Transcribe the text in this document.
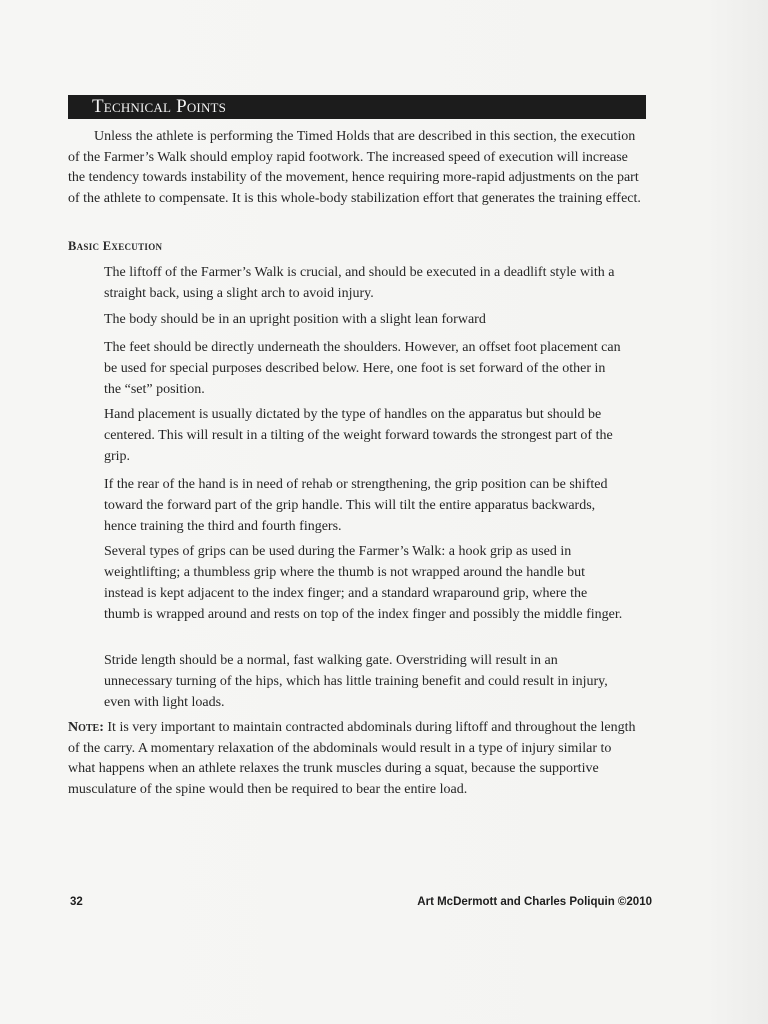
Technical Points

Unless the athlete is performing the Timed Holds that are described in this section, the execution of the Farmer’s Walk should employ rapid footwork. The increased speed of execution will increase the tendency towards instability of the movement, hence requiring more-rapid adjustments on the part of the athlete to compensate. It is this whole-body stabilization effort that generates the training effect.

Basic Execution

The liftoff of the Farmer’s Walk is crucial, and should be executed in a deadlift style with a straight back, using a slight arch to avoid injury.

The body should be in an upright position with a slight lean forward

The feet should be directly underneath the shoulders. However, an offset foot placement can be used for special purposes described below. Here, one foot is set forward of the other in the “set” position.

Hand placement is usually dictated by the type of handles on the apparatus but should be centered. This will result in a tilting of the weight forward towards the strongest part of the grip.

If the rear of the hand is in need of rehab or strengthening, the grip position can be shifted toward the forward part of the grip handle. This will tilt the entire apparatus backwards, hence training the third and fourth fingers.

Several types of grips can be used during the Farmer’s Walk: a hook grip as used in weightlifting; a thumbless grip where the thumb is not wrapped around the handle but instead is kept adjacent to the index finger; and a standard wraparound grip, where the thumb is wrapped around and rests on top of the index finger and possibly the middle finger.

Stride length should be a normal, fast walking gate. Overstriding will result in an unnecessary turning of the hips, which has little training benefit and could result in injury, even with light loads.

Note: It is very important to maintain contracted abdominals during liftoff and throughout the length of the carry. A momentary relaxation of the abdominals would result in a type of injury similar to what happens when an athlete relaxes the trunk muscles during a squat, because the supportive musculature of the spine would then be required to bear the entire load.

32	Art McDermott and Charles Poliquin ©2010
